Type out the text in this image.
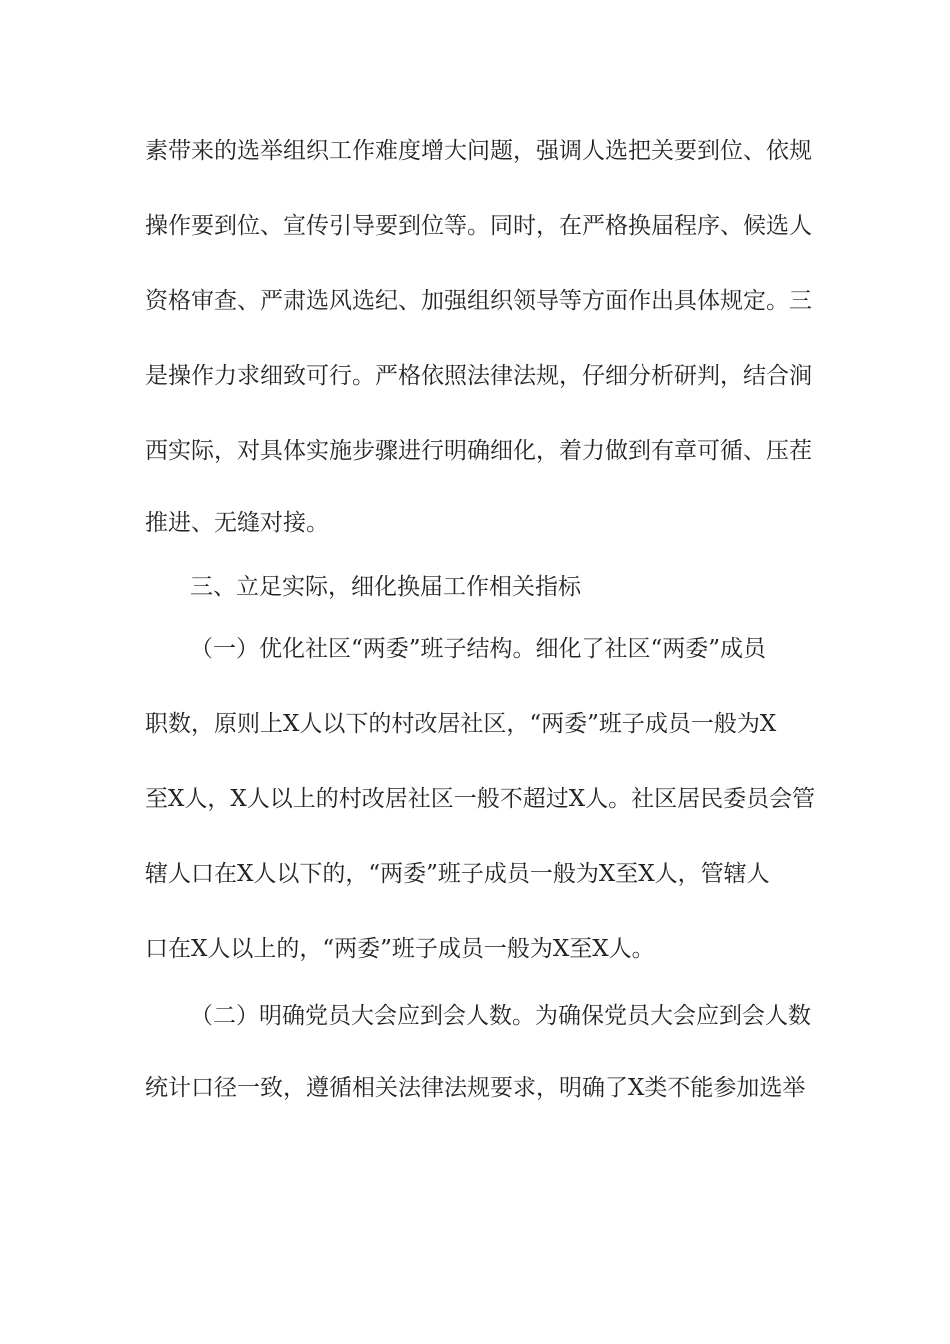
素带来的选举组织工作难度增大问题，强调人选把关要到位、依规
操作要到位、宣传引导要到位等。同时，在严格换届程序、候选人
资格审查、严肃选风选纪、加强组织领导等方面作出具体规定。三
是操作力求细致可行。严格依照法律法规，仔细分析研判，结合涧
西实际，对具体实施步骤进行明确细化，着力做到有章可循、压茬
推进、无缝对接。
三、立足实际，细化换届工作相关指标
（一）优化社区“两委”班子结构。细化了社区“两委”成员
职数，原则上X人以下的村改居社区，“两委”班子成员一般为X
至X人，X人以上的村改居社区一般不超过X人。社区居民委员会管
辖人口在X人以下的，“两委”班子成员一般为X至X人，管辖人
口在X人以上的，“两委”班子成员一般为X至X人。
（二）明确党员大会应到会人数。为确保党员大会应到会人数
统计口径一致，遵循相关法律法规要求，明确了X类不能参加选举
